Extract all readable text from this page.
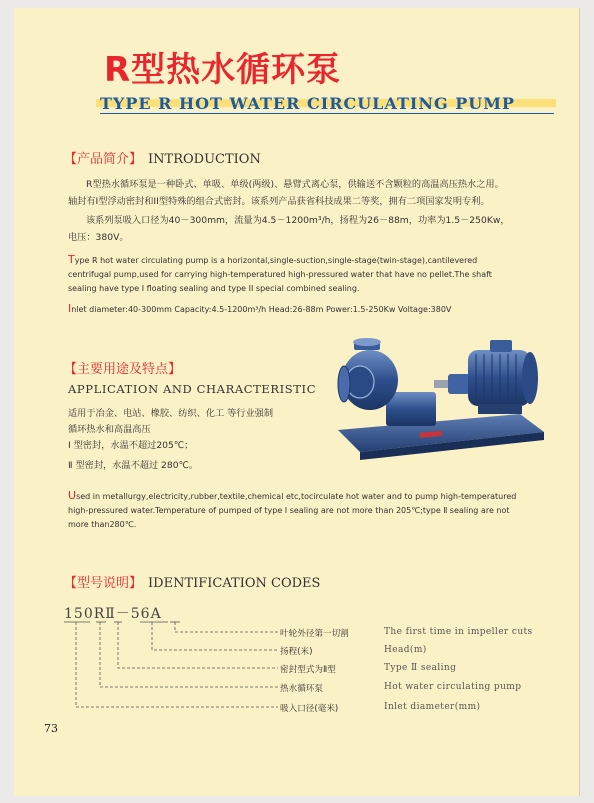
R型热水循环泵
TYPE R HOT WATER CIRCULATING PUMP
【产品简介】 INTRODUCTION
R型热水循环泵是一种卧式、单吸、单级(两级)、悬臂式离心泵，供输送不含颗粒的高温高压热水之用。
轴封有Ⅰ型浮动密封和ⅠⅠ型特殊的组合式密封。该系列产品获省科技成果二等奖，拥有二项国家发明专利。
该系列泵吸入口径为40－300mm，流量为4.5－1200m³/h，扬程为26－88m，功率为1.5－250Kw，
电压：380V。
Type R hot water circulating pump is a horizontal,single-suction,single-stage(twin-stage),cantilevered
centrifugal pump,used for carrying high-temperatured high-pressured water that have no pellet.The shaft
sealing have type I floating sealing and type II special combined sealing.
Inlet diameter:40-300mm Capacity:4.5-1200m³/h Head:26-88m Power:1.5-250Kw Voltage:380V
【主要用途及特点】
APPLICATION AND CHARACTERISTIC
适用于冶金、电站、橡胶、纺织、化工 等行业强制
循环热水和高温高压
Ⅰ 型密封，水温不超过205℃；
Ⅱ 型密封，水温不超过 280℃。
Used in metallurgy,electricity,rubber,textile,chemical etc,tocirculate hot water and to pump high-temperatured
high-pressured water.Temperature of pumped of type Ⅰ sealing are not more than 205℃;type Ⅱ sealing are not
more than280℃.
【型号说明】 IDENTIFICATION CODES
150RⅡ－56A
叶轮外径第一切割
扬程(米)
密封型式为Ⅱ型
热水循环泵
吸入口径(毫米)
The first time in impeller cuts
Head(m)
Type Ⅱ sealing
Hot water circulating pump
Inlet diameter(mm)
73
